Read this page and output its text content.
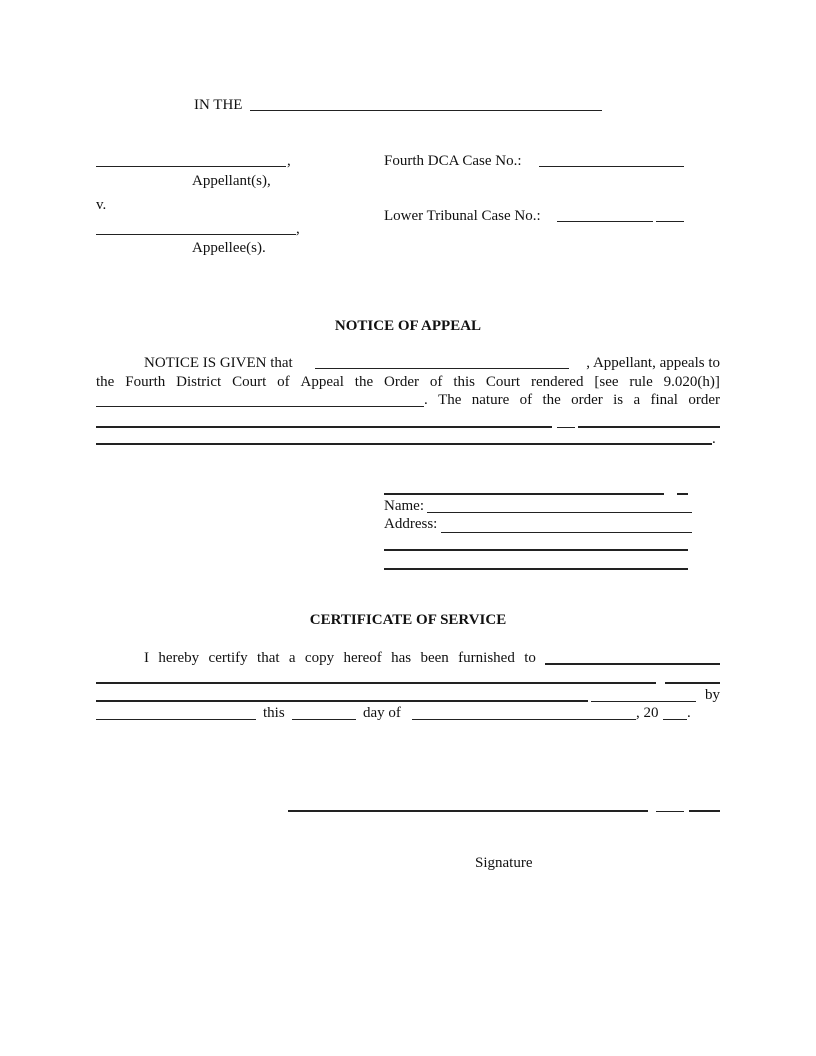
IN THE
,
Appellant(s),
v.
,
Appellee(s).
Fourth DCA Case No.:
Lower Tribunal Case No.:
NOTICE OF APPEAL
NOTICE IS GIVEN that	, Appellant, appeals to
the Fourth District Court of Appeal the Order of this Court rendered [see rule 9.020(h)]
. The nature of the order is a final order
.
Name:
Address:
CERTIFICATE OF SERVICE
I hereby certify that a copy hereof has been furnished to
by
this	day of	, 20 .
Signature
